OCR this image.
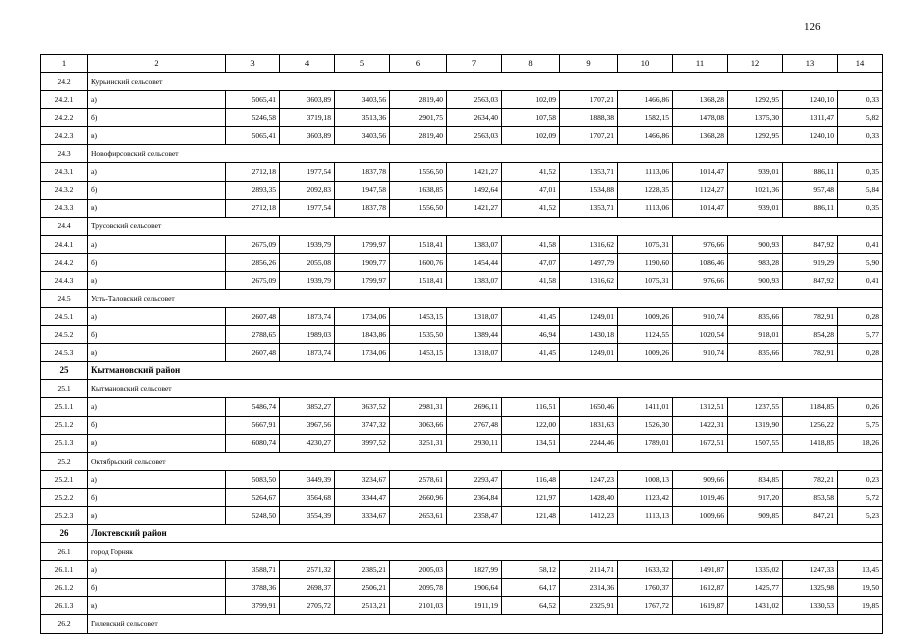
126
1	2	3	4	5	6	7	8	9	10	11	12	13	14
24.2	Курьинский сельсовет												
24.2.1	а)	5065,41	3603,89	3403,56	2819,40	2563,03	102,09	1707,21	1466,86	1368,28	1292,95	1240,10	0,33
24.2.2	б)	5246,58	3719,18	3513,36	2901,75	2634,40	107,58	1888,38	1582,15	1478,08	1375,30	1311,47	5,82
24.2.3	в)	5065,41	3603,89	3403,56	2819,40	2563,03	102,09	1707,21	1466,86	1368,28	1292,95	1240,10	0,33
24.3	Новофирсовский сельсовет												
24.3.1	а)	2712,18	1977,54	1837,78	1556,50	1421,27	41,52	1353,71	1113,06	1014,47	939,01	886,11	0,35
24.3.2	б)	2893,35	2092,83	1947,58	1638,85	1492,64	47,01	1534,88	1228,35	1124,27	1021,36	957,48	5,84
24.3.3	в)	2712,18	1977,54	1837,78	1556,50	1421,27	41,52	1353,71	1113,06	1014,47	939,01	886,11	0,35
24.4	Трусовский сельсовет												
24.4.1	а)	2675,09	1939,79	1799,97	1518,41	1383,07	41,58	1316,62	1075,31	976,66	900,93	847,92	0,41
24.4.2	б)	2856,26	2055,08	1909,77	1600,76	1454,44	47,07	1497,79	1190,60	1086,46	983,28	919,29	5,90
24.4.3	в)	2675,09	1939,79	1799,97	1518,41	1383,07	41,58	1316,62	1075,31	976,66	900,93	847,92	0,41
24.5	Усть-Таловский сельсовет												
24.5.1	а)	2607,48	1873,74	1734,06	1453,15	1318,07	41,45	1249,01	1009,26	910,74	835,66	782,91	0,28
24.5.2	б)	2788,65	1989,03	1843,86	1535,50	1389,44	46,94	1430,18	1124,55	1020,54	918,01	854,28	5,77
24.5.3	в)	2607,48	1873,74	1734,06	1453,15	1318,07	41,45	1249,01	1009,26	910,74	835,66	782,91	0,28
25	Кытмановский район												
25.1	Кытмановский сельсовет												
25.1.1	а)	5486,74	3852,27	3637,52	2981,31	2696,11	116,51	1650,46	1411,01	1312,51	1237,55	1184,85	0,26
25.1.2	б)	5667,91	3967,56	3747,32	3063,66	2767,48	122,00	1831,63	1526,30	1422,31	1319,90	1256,22	5,75
25.1.3	в)	6080,74	4230,27	3997,52	3251,31	2930,11	134,51	2244,46	1789,01	1672,51	1507,55	1418,85	18,26
25.2	Октябрьский сельсовет												
25.2.1	а)	5083,50	3449,39	3234,67	2578,61	2293,47	116,48	1247,23	1008,13	909,66	834,85	782,21	0,23
25.2.2	б)	5264,67	3564,68	3344,47	2660,96	2364,84	121,97	1428,40	1123,42	1019,46	917,20	853,58	5,72
25.2.3	в)	5248,50	3554,39	3334,67	2653,61	2358,47	121,48	1412,23	1113,13	1009,66	909,85	847,21	5,23
26	Локтевский район												
26.1	город Горняк												
26.1.1	а)	3588,71	2571,32	2385,21	2005,03	1827,99	58,12	2114,71	1633,32	1491,87	1335,02	1247,33	13,45
26.1.2	б)	3788,36	2698,37	2506,21	2095,78	1906,64	64,17	2314,36	1760,37	1612,87	1425,77	1325,98	19,50
26.1.3	в)	3799,91	2705,72	2513,21	2101,03	1911,19	64,52	2325,91	1767,72	1619,87	1431,02	1330,53	19,85
26.2	Гилевский сельсовет												
